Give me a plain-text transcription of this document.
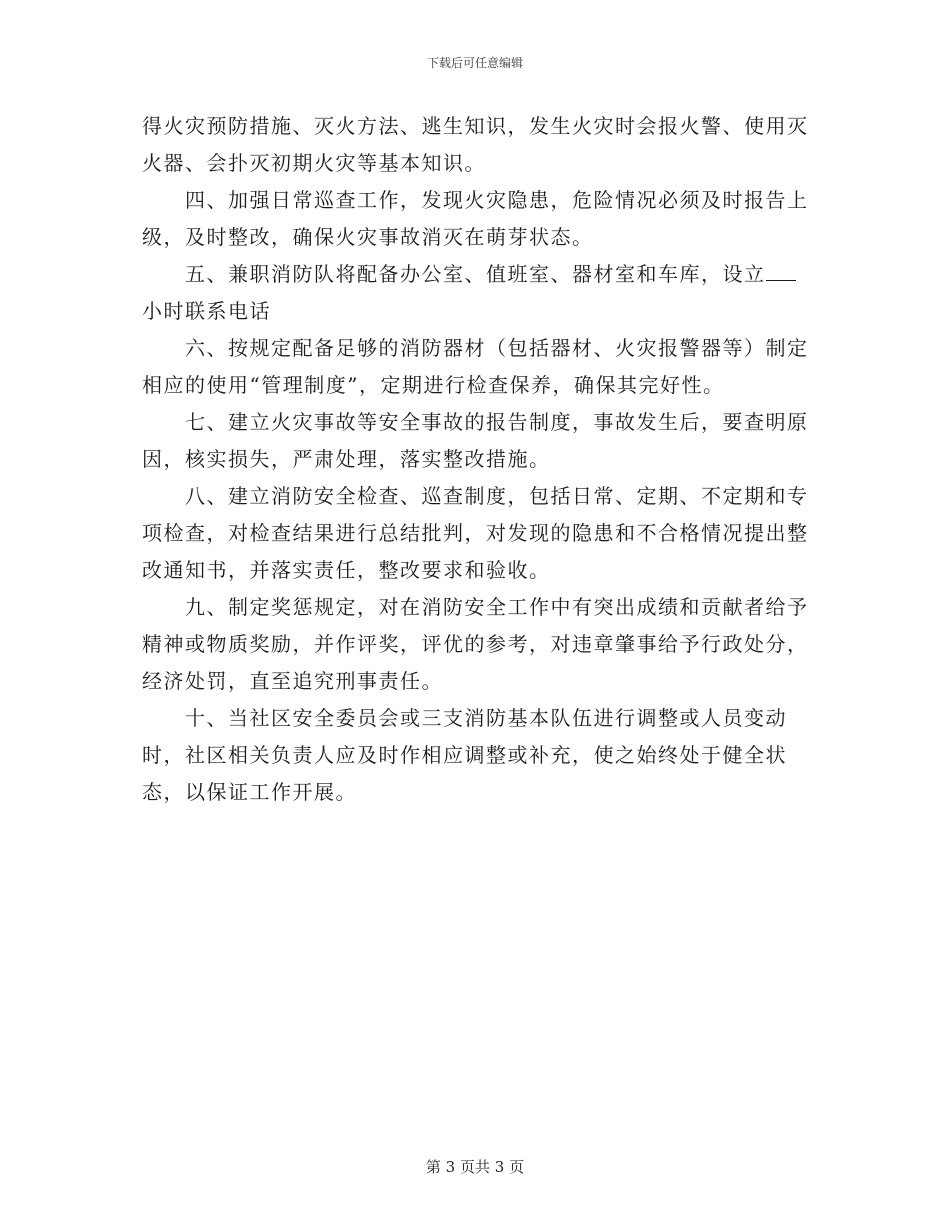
下载后可任意编辑

得火灾预防措施、灭火方法、逃生知识，发生火灾时会报火警、使用灭火器、会扑灭初期火灾等基本知识。

　　四、加强日常巡查工作，发现火灾隐患，危险情况必须及时报告上级，及时整改，确保火灾事故消灭在萌芽状态。

　　五、兼职消防队将配备办公室、值班室、器材室和车库，设立
小时联系电话

　　六、按规定配备足够的消防器材（包括器材、火灾报警器等）制定相应的使用“管理制度”，定期进行检查保养，确保其完好性。

　　七、建立火灾事故等安全事故的报告制度，事故发生后，要查明原因，核实损失，严肃处理，落实整改措施。

　　八、建立消防安全检查、巡查制度，包括日常、定期、不定期和专项检查，对检查结果进行总结批判，对发现的隐患和不合格情况提出整改通知书，并落实责任，整改要求和验收。

　　九、制定奖惩规定，对在消防安全工作中有突出成绩和贡献者给予精神或物质奖励，并作评奖，评优的参考，对违章肇事给予行政处分，经济处罚，直至追究刑事责任。

　　十、当社区安全委员会或三支消防基本队伍进行调整或人员变动时，社区相关负责人应及时作相应调整或补充，使之始终处于健全状态，以保证工作开展。

第 3 页共 3 页
